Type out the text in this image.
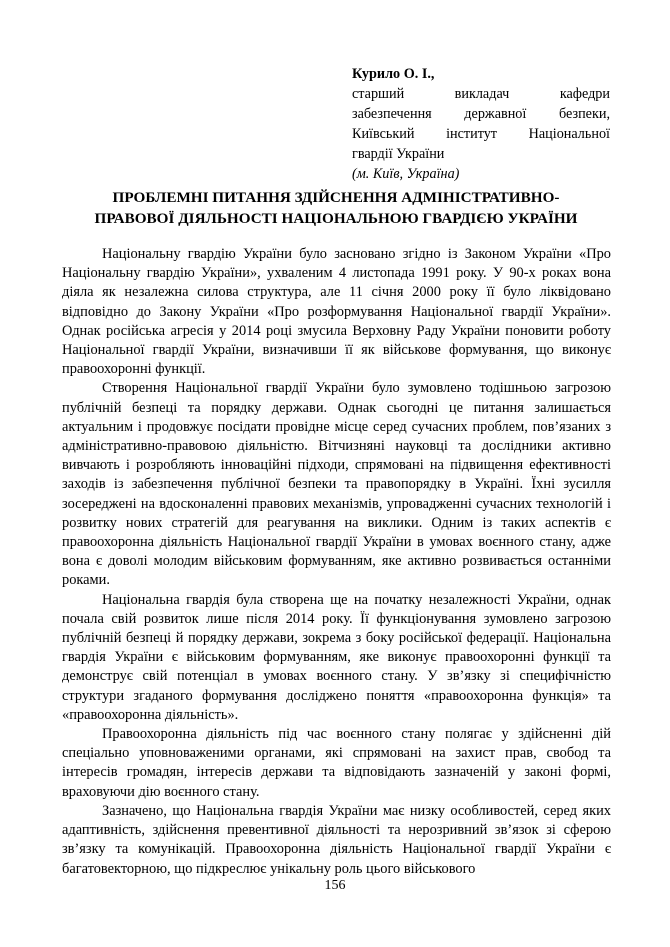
Курило О. І.,
старший викладач кафедри
забезпечення державної безпеки,
Київський інститут Національної
гвардії України
(м. Київ, Україна)
ПРОБЛЕМНІ ПИТАННЯ ЗДІЙСНЕННЯ АДМІНІСТРАТИВНО-
ПРАВОВОЇ ДІЯЛЬНОСТІ НАЦІОНАЛЬНОЮ ГВАРДІЄЮ УКРАЇНИ

Національну гвардію України було засновано згідно із Законом України «Про Національну гвардію України», ухваленим 4 листопада 1991 року. У 90-х роках вона діяла як незалежна силова структура, але 11 січня 2000 року її було ліквідовано відповідно до Закону України «Про розформування Національної гвардії України». Однак російська агресія у 2014 році змусила Верховну Раду України поновити роботу Національної гвардії України, визначивши її як військове формування, що виконує правоохоронні функції.

Створення Національної гвардії України було зумовлено тодішньою загрозою публічній безпеці та порядку держави. Однак сьогодні це питання залишається актуальним і продовжує посідати провідне місце серед сучасних проблем, пов’язаних з адміністративно-правовою діяльністю. Вітчизняні науковці та дослідники активно вивчають і розробляють інноваційні підходи, спрямовані на підвищення ефективності заходів із забезпечення публічної безпеки та правопорядку в Україні. Їхні зусилля зосереджені на вдосконаленні правових механізмів, упровадженні сучасних технологій і розвитку нових стратегій для реагування на виклики. Одним із таких аспектів є правоохоронна діяльність Національної гвардії України в умовах воєнного стану, адже вона є доволі молодим військовим формуванням, яке активно розвивається останніми роками.

Національна гвардія була створена ще на початку незалежності України, однак почала свій розвиток лише після 2014 року. Її функціонування зумовлено загрозою публічній безпеці й порядку держави, зокрема з боку російської федерації. Національна гвардія України є військовим формуванням, яке виконує правоохоронні функції та демонструє свій потенціал в умовах воєнного стану. У зв’язку зі специфічністю структури згаданого формування досліджено поняття «правоохоронна функція» та «правоохоронна діяльність».

Правоохоронна діяльність під час воєнного стану полягає у здійсненні дій спеціально уповноваженими органами, які спрямовані на захист прав, свобод та інтересів громадян, інтересів держави та відповідають зазначеній у законі формі, враховуючи дію воєнного стану.

Зазначено, що Національна гвардія України має низку особливостей, серед яких адаптивність, здійснення превентивної діяльності та нерозривний зв’язок зі сферою зв’язку та комунікацій. Правоохоронна діяльність Національної гвардії України є багатовекторною, що підкреслює унікальну роль цього військового

156
